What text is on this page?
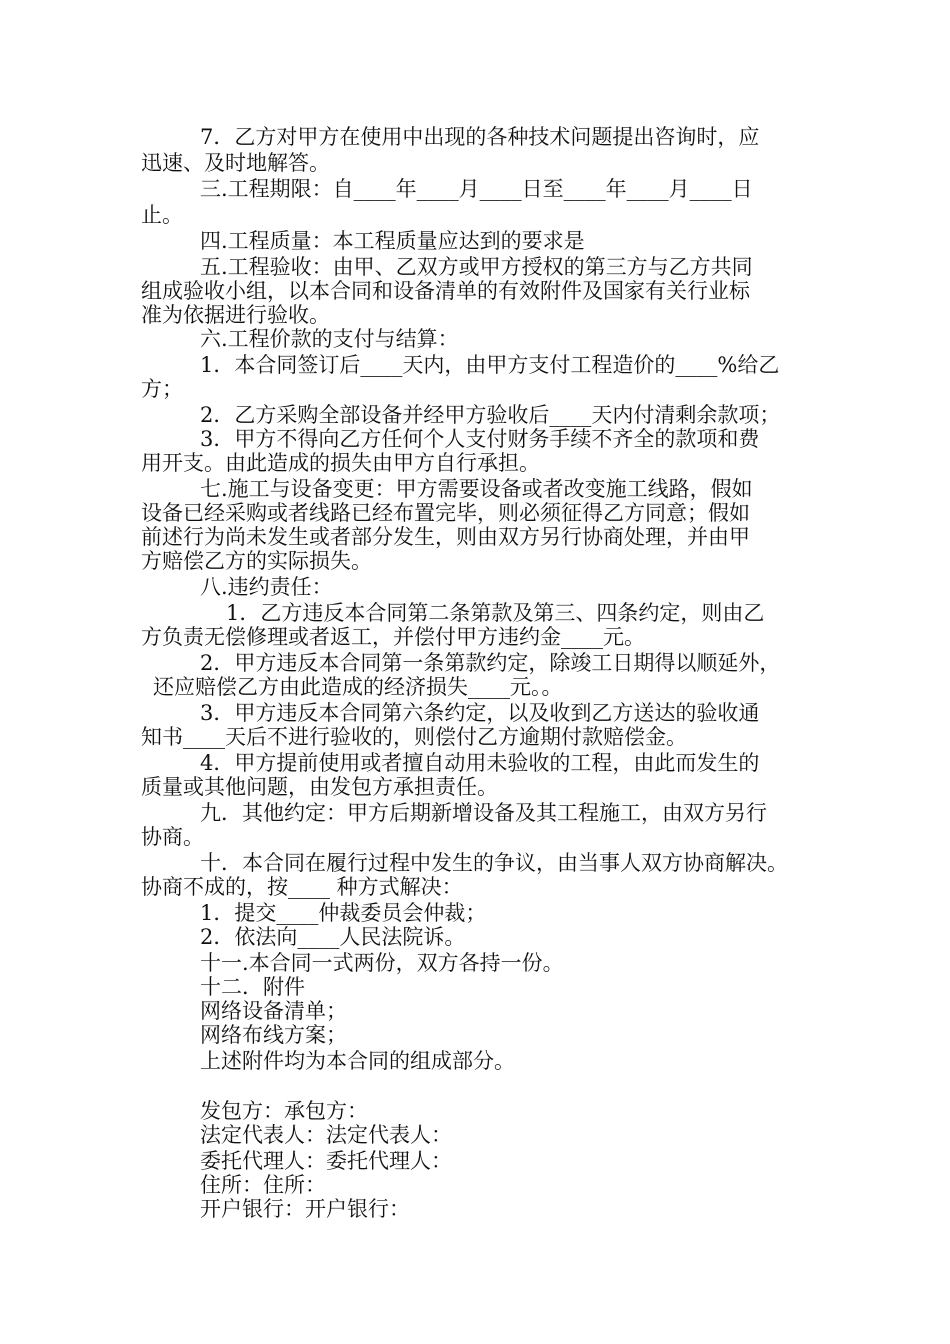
7．乙方对甲方在使用中出现的各种技术问题提出咨询时，应
迅速、及时地解答。
三.工程期限：自____年____月____日至____年____月____日
止。
四.工程质量：本工程质量应达到的要求是
五.工程验收：由甲、乙双方或甲方授权的第三方与乙方共同
组成验收小组，以本合同和设备清单的有效附件及国家有关行业标
准为依据进行验收。
六.工程价款的支付与结算：
1．本合同签订后____天内，由甲方支付工程造价的____%给乙
方；
2．乙方采购全部设备并经甲方验收后____天内付清剩余款项；
3．甲方不得向乙方任何个人支付财务手续不齐全的款项和费
用开支。由此造成的损失由甲方自行承担。
七.施工与设备变更：甲方需要设备或者改变施工线路，假如
设备已经采购或者线路已经布置完毕，则必须征得乙方同意；假如
前述行为尚未发生或者部分发生，则由双方另行协商处理，并由甲
方赔偿乙方的实际损失。
八.违约责任：
1．乙方违反本合同第二条第款及第三、四条约定，则由乙
方负责无偿修理或者返工，并偿付甲方违约金____元。
2．甲方违反本合同第一条第款约定，除竣工日期得以顺延外，
还应赔偿乙方由此造成的经济损失____元。。
3．甲方违反本合同第六条约定，以及收到乙方送达的验收通
知书____天后不进行验收的，则偿付乙方逾期付款赔偿金。
4．甲方提前使用或者擅自动用未验收的工程，由此而发生的
质量或其他问题，由发包方承担责任。
九．其他约定：甲方后期新增设备及其工程施工，由双方另行
协商。
十．本合同在履行过程中发生的争议，由当事人双方协商解决。
协商不成的，按____ 种方式解决：
1．提交____仲裁委员会仲裁；
2．依法向____人民法院诉。
十一.本合同一式两份，双方各持一份。
十二．附件
网络设备清单；
网络布线方案；
上述附件均为本合同的组成部分。
发包方：承包方：
法定代表人：法定代表人：
委托代理人：委托代理人：
住所：住所：
开户银行：开户银行：
